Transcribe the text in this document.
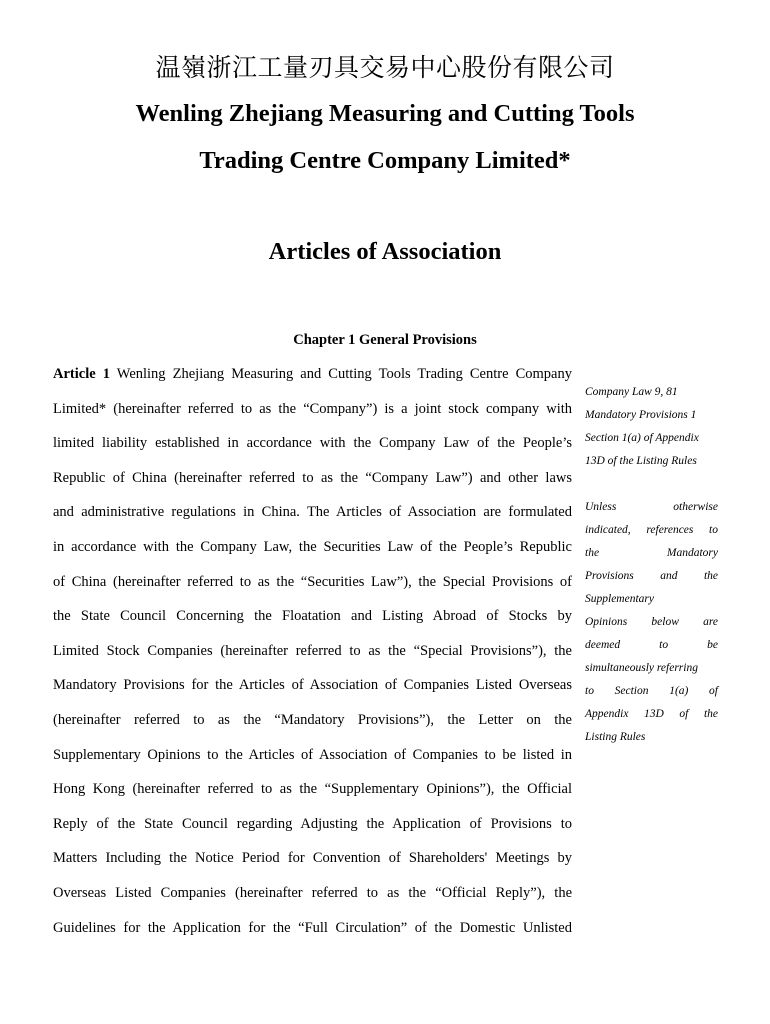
温嶺浙江工量刃具交易中心股份有限公司
Wenling Zhejiang Measuring and Cutting Tools
Trading Centre Company Limited*
Articles of Association
Chapter 1 General Provisions
Article 1 Wenling Zhejiang Measuring and Cutting Tools Trading Centre Company
Limited* (hereinafter referred to as the “Company”) is a joint stock company with
limited liability established in accordance with the Company Law of the People’s
Republic of China (hereinafter referred to as the “Company Law”) and other laws
and administrative regulations in China. The Articles of Association are formulated
in accordance with the Company Law, the Securities Law of the People’s Republic
of China (hereinafter referred to as the “Securities Law”), the Special Provisions of
the State Council Concerning the Floatation and Listing Abroad of Stocks by
Limited Stock Companies (hereinafter referred to as the “Special Provisions”), the
Mandatory Provisions for the Articles of Association of Companies Listed Overseas
(hereinafter referred to as the “Mandatory Provisions”), the Letter on the
Supplementary Opinions to the Articles of Association of Companies to be listed in
Hong Kong (hereinafter referred to as the “Supplementary Opinions”), the Official
Reply of the State Council regarding Adjusting the Application of Provisions to
Matters Including the Notice Period for Convention of Shareholders' Meetings by
Overseas Listed Companies (hereinafter referred to as the “Official Reply”), the
Guidelines for the Application for the “Full Circulation” of the Domestic Unlisted
Company Law 9, 81
Mandatory Provisions 1
Section 1(a) of Appendix
13D of the Listing Rules
Unless otherwise
indicated, references to
the Mandatory
Provisions and the
Supplementary
Opinions below are
deemed to be
simultaneously referring
to Section 1(a) of
Appendix 13D of the
Listing Rules
